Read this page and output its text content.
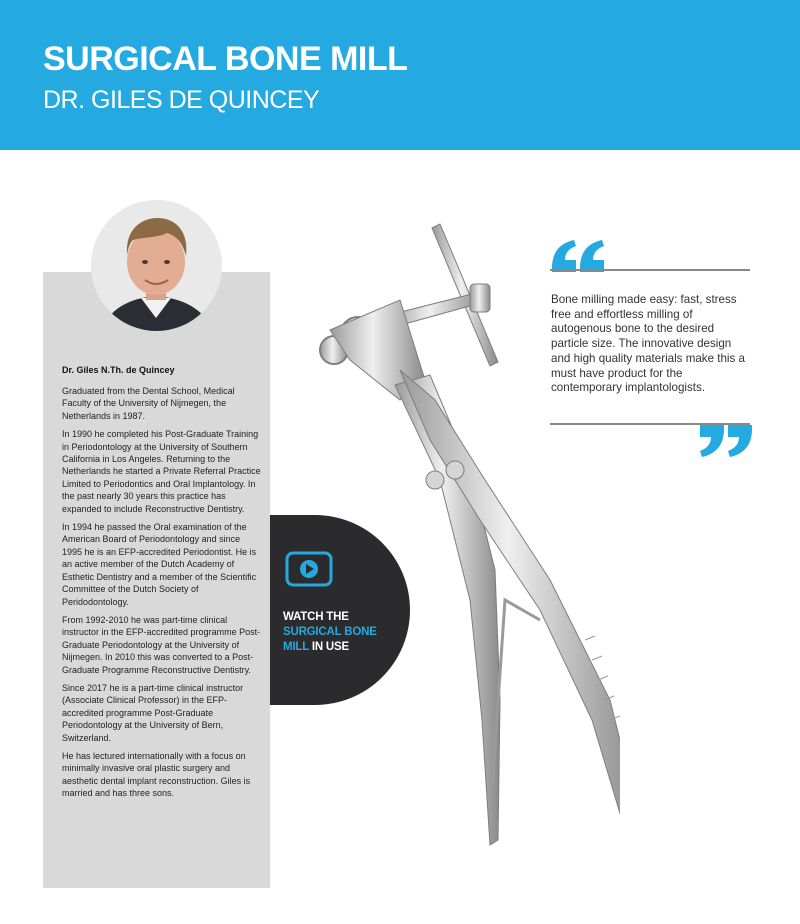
SURGICAL BONE MILL
DR. GILES DE QUINCEY
Dr. Giles N.Th. de Quincey

Graduated from the Dental School, Medical Faculty of the University of Nijmegen, the Netherlands in 1987.

In 1990 he completed his Post-Graduate Training in Periodontology at the University of Southern California in Los Angeles. Returning to the Netherlands he started a Private Referral Practice Limited to Periodontics and Oral Implantology. In the past nearly 30 years this practice has expanded to include Reconstructive Dentistry.

In 1994 he passed the Oral examination of the American Board of Periodontology and since 1995 he is an EFP-accredited Periodontist. He is an active member of the Dutch Academy of Esthetic Dentistry and a member of the Scientific Committee of the Dutch Society of Peridodontology.

From 1992-2010 he was part-time clinical instructor in the EFP-accredited programme Post-Graduate Periodontology at the University of Nijmegen. In 2010 this was converted to a Post-Graduate Programme Reconstructive Dentistry.

Since 2017 he is a part-time clinical instructor (Associate Clinical Professor) in the EFP-accredited programme Post-Graduate Periodontology at the University of Bern, Switzerland.

He has lectured internationally with a focus on minimally invasive oral plastic surgery and aesthetic dental implant reconstruction. Giles is married and has three sons.

WATCH THE
SURGICAL BONE
MILL IN USE
Bone milling made easy: fast, stress free and effortless milling of autogenous bone to the desired particle size. The innovative design and high quality materials make this a must have product for the contemporary implantologists.
